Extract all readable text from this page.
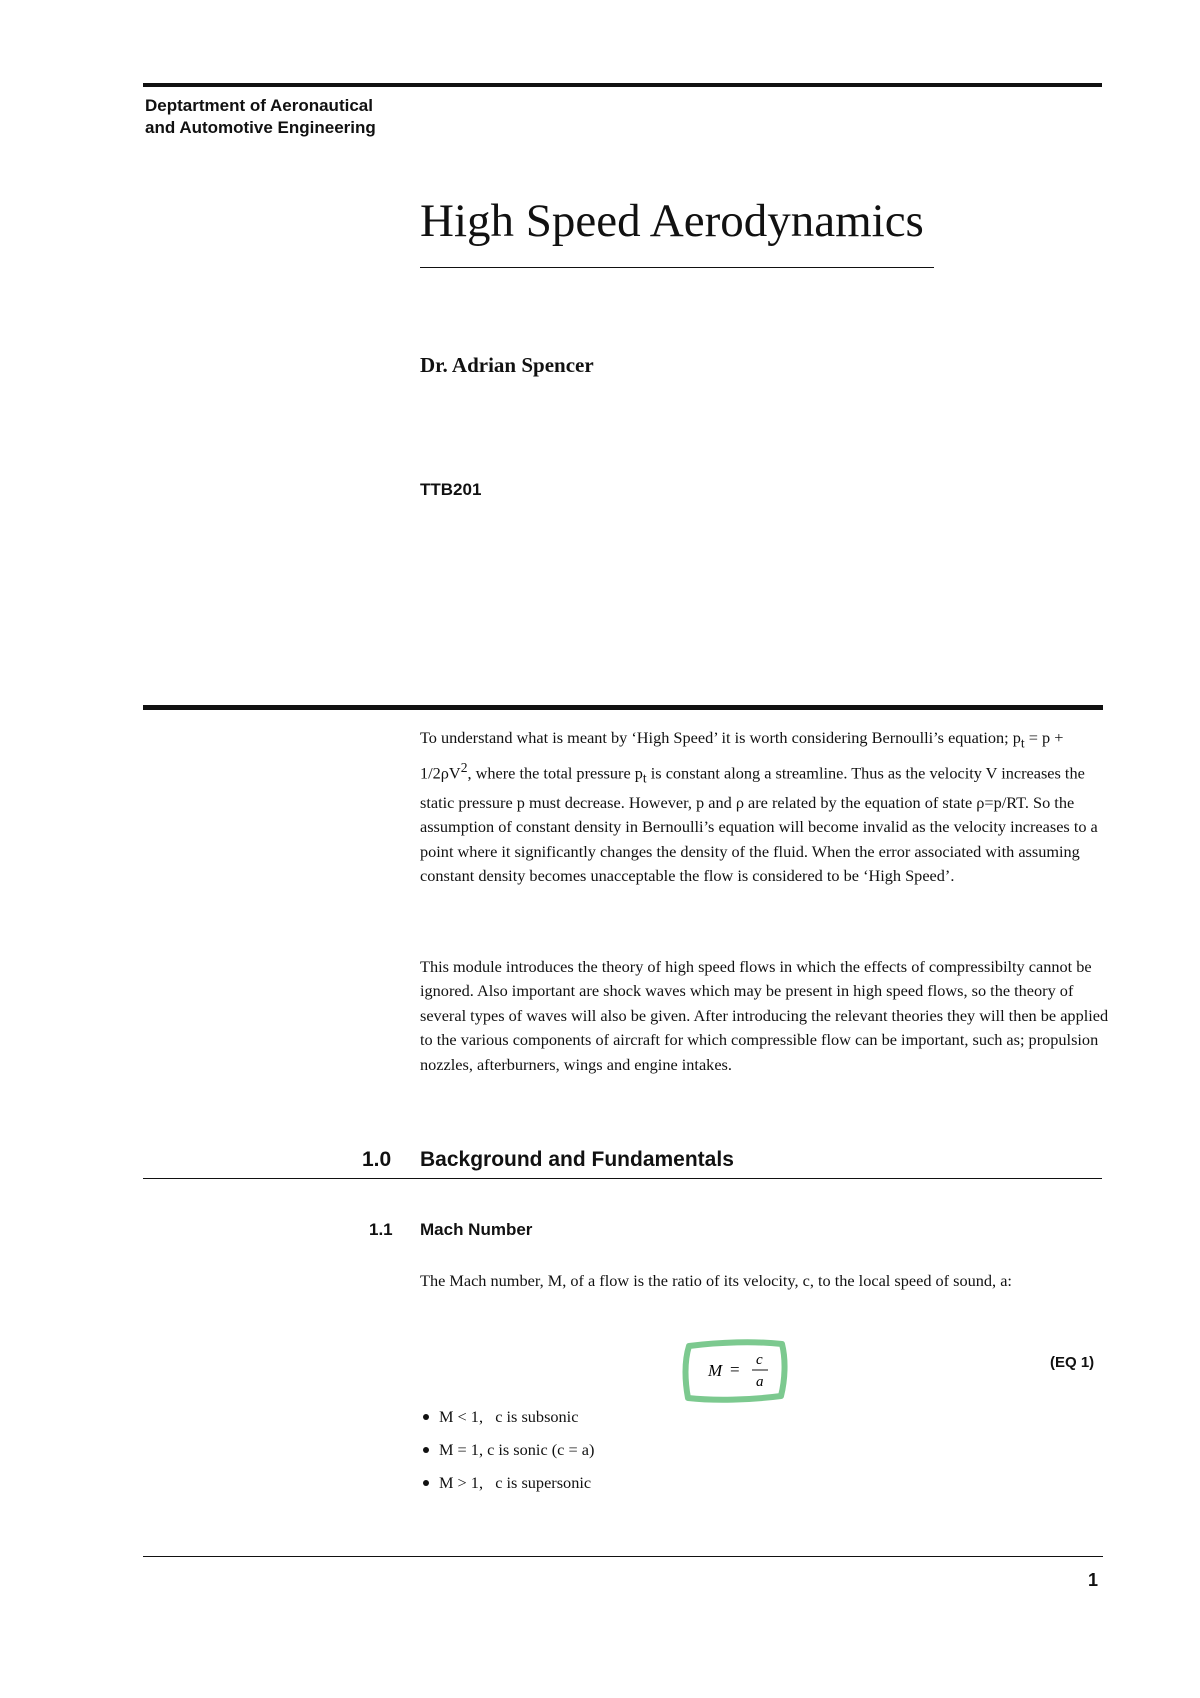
Deptartment of Aeronautical
and Automotive Engineering
High Speed Aerodynamics
Dr. Adrian Spencer
TTB201

To understand what is meant by ‘High Speed’ it is worth considering Bernoulli’s equation; $p_t = p + 1/2\rho V^2$, where the total pressure $p_t$ is constant along a streamline. Thus as the velocity V increases the static pressure p must decrease. However, p and ρ are related by the equation of state ρ=p/RT. So the assumption of constant density in Bernoulli’s equation will become invalid as the velocity increases to a point where it significantly changes the density of the fluid. When the error associated with assuming constant density becomes unacceptable the flow is considered to be ‘High Speed’.

This module introduces the theory of high speed flows in which the effects of compressibilty cannot be ignored. Also important are shock waves which may be present in high speed flows, so the theory of several types of waves will also be given. After introducing the relevant theories they will then be applied to the various components of aircraft for which compressible flow can be important, such as; propulsion nozzles, afterburners, wings and engine intakes.

1.0 Background and Fundamentals
1.1 Mach Number
The Mach number, M, of a flow is the ratio of its velocity, c, to the local speed of sound, a:
M = c
a
(EQ 1)
M < 1,   c is subsonic
M = 1, c is sonic (c = a)
M > 1,   c is supersonic
1
